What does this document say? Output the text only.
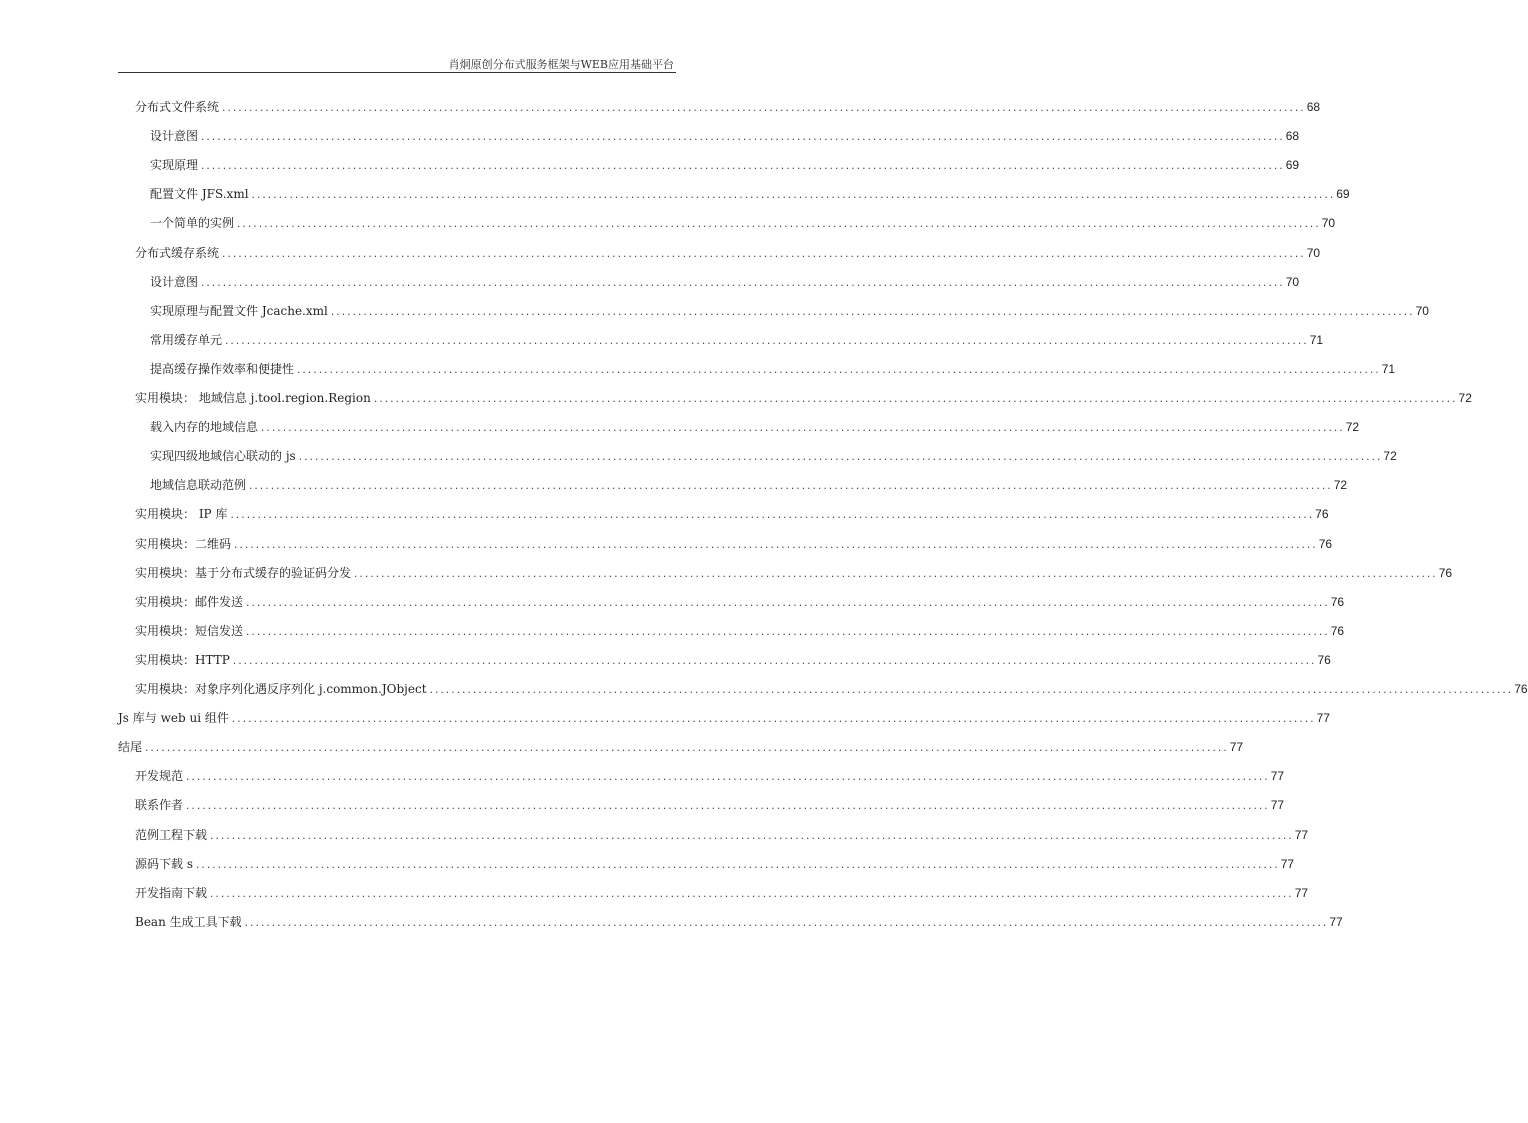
肖炯原创分布式服务框架与WEB应用基础平台
分布式文件系统 ........................................................................................................................................................................................................ 68
设计意图 ........................................................................................................................................................................................................ 68
实现原理 ........................................................................................................................................................................................................ 69
配置文件 JFS.xml ........................................................................................................................................................................................................ 69
一个简单的实例 ........................................................................................................................................................................................................ 70
分布式缓存系统 ........................................................................................................................................................................................................ 70
设计意图 ........................................................................................................................................................................................................ 70
实现原理与配置文件 Jcache.xml ........................................................................................................................................................................................................ 70
常用缓存单元 ........................................................................................................................................................................................................ 71
提高缓存操作效率和便捷性 ........................................................................................................................................................................................................ 71
实用模块： 地域信息 j.tool.region.Region ........................................................................................................................................................................................................ 72
载入内存的地域信息 ........................................................................................................................................................................................................ 72
实现四级地域信心联动的 js ........................................................................................................................................................................................................ 72
地域信息联动范例 ........................................................................................................................................................................................................ 72
实用模块： IP 库 ........................................................................................................................................................................................................ 76
实用模块：二维码 ........................................................................................................................................................................................................ 76
实用模块：基于分布式缓存的验证码分发 ........................................................................................................................................................................................................ 76
实用模块：邮件发送 ........................................................................................................................................................................................................ 76
实用模块：短信发送 ........................................................................................................................................................................................................ 76
实用模块：HTTP ........................................................................................................................................................................................................ 76
实用模块：对象序列化遇反序列化 j.common.JObject ........................................................................................................................................................................................................ 76
Js 库与 web ui 组件 ........................................................................................................................................................................................................ 77
结尾 ........................................................................................................................................................................................................ 77
开发规范 ........................................................................................................................................................................................................ 77
联系作者 ........................................................................................................................................................................................................ 77
范例工程下载 ........................................................................................................................................................................................................ 77
源码下载 s ........................................................................................................................................................................................................ 77
开发指南下载 ........................................................................................................................................................................................................ 77
Bean 生成工具下载 ........................................................................................................................................................................................................ 77
